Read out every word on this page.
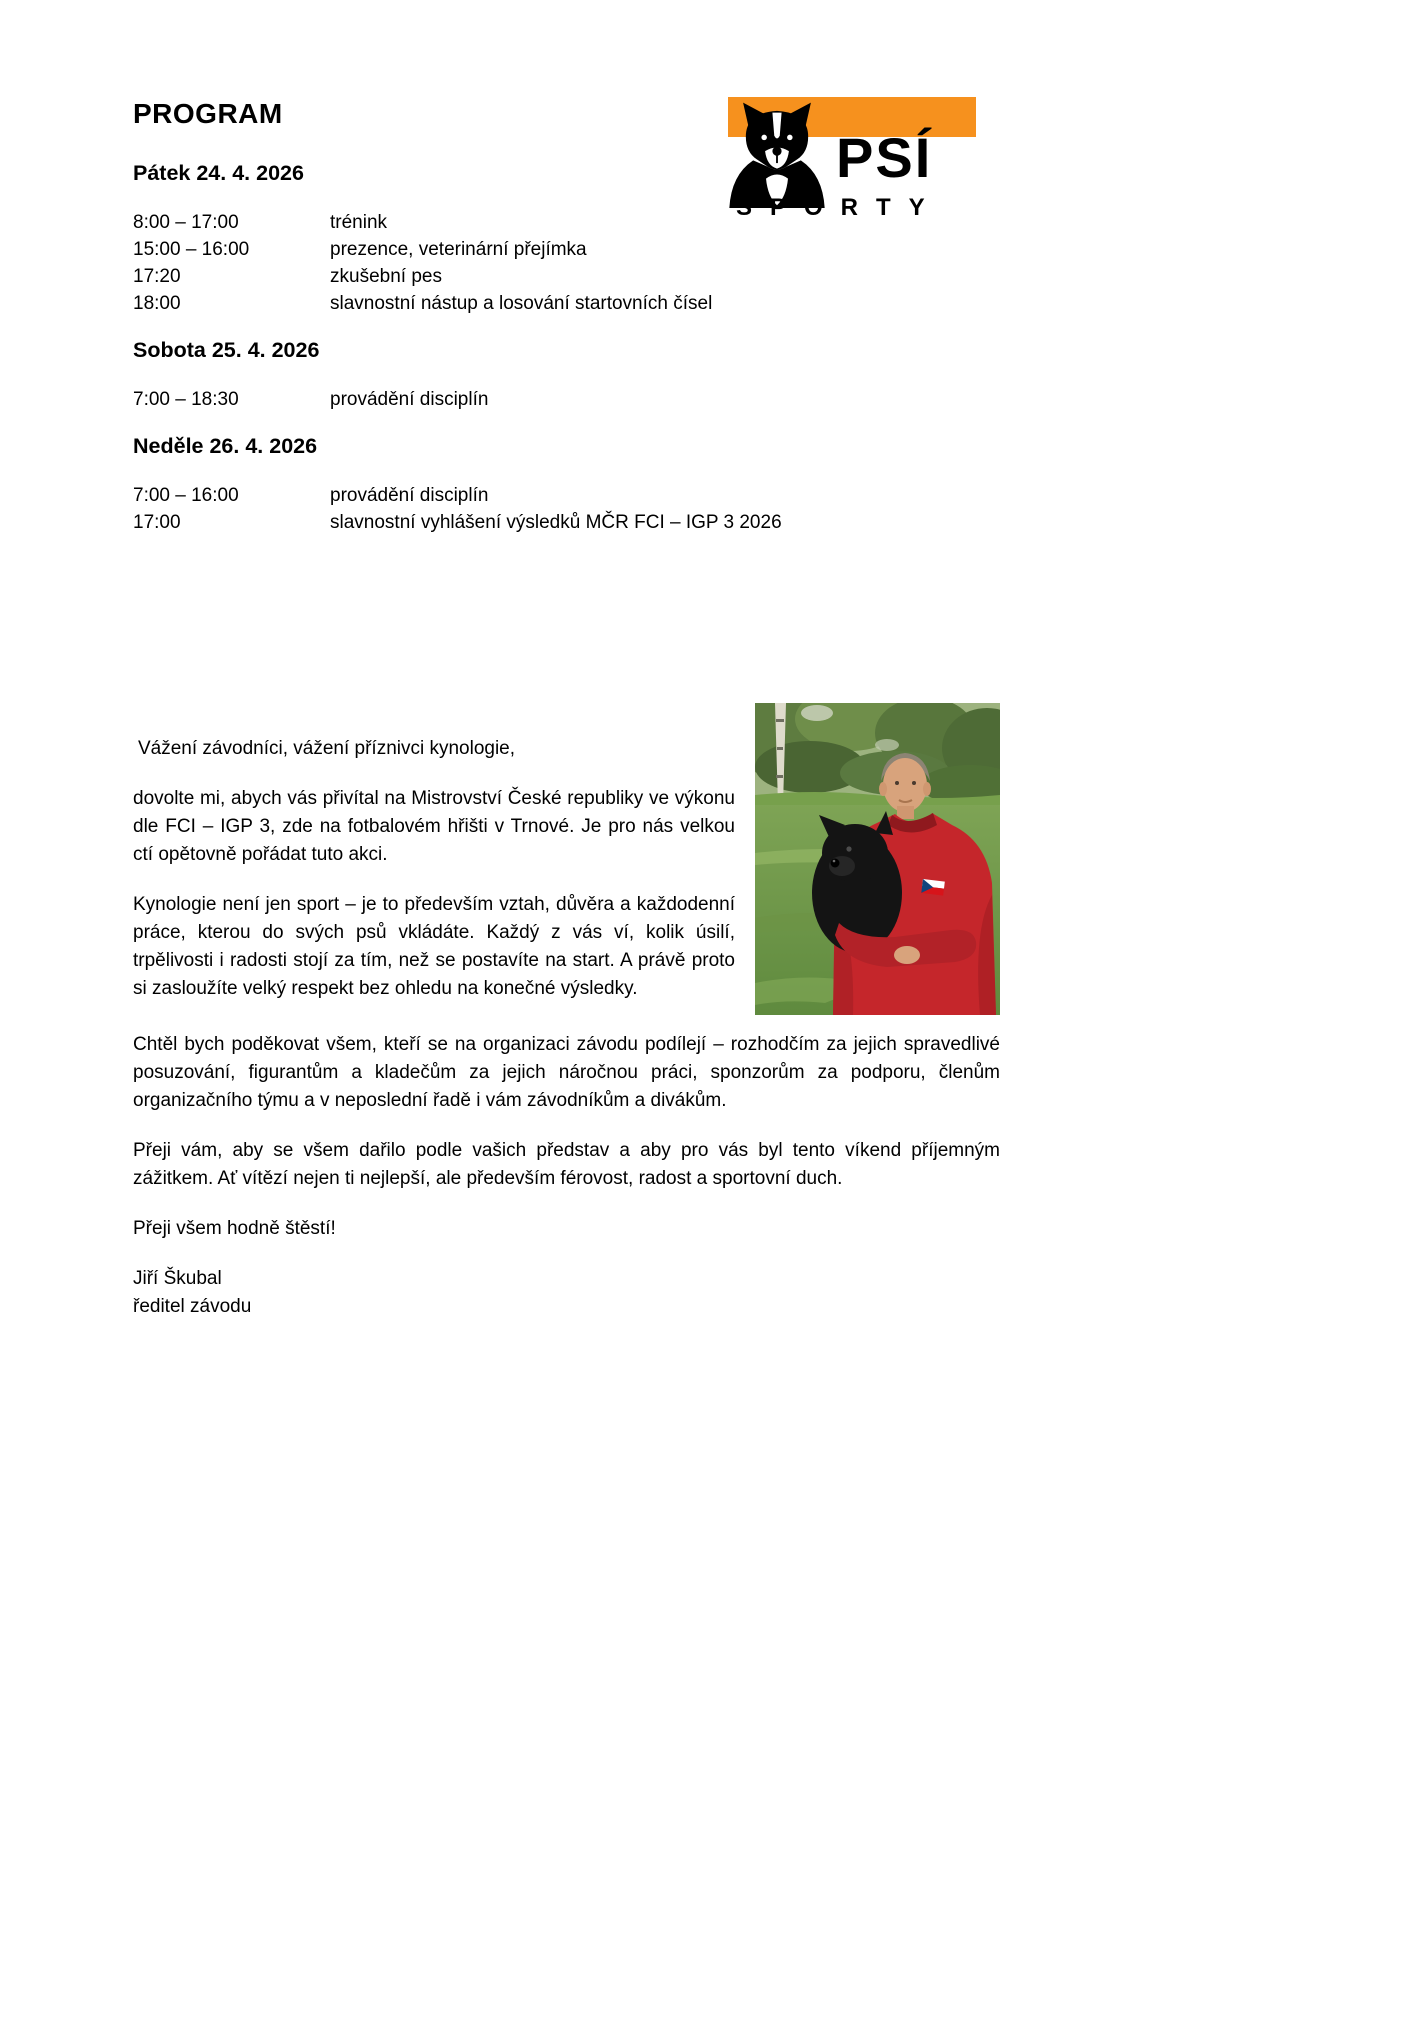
PSÍ
SPORTY
PROGRAM
Pátek 24. 4. 2026
8:00 – 17:00	trénink
15:00 – 16:00	prezence, veterinární přejímka
17:20	zkušební pes
18:00	slavnostní nástup a losování startovních čísel
Sobota 25. 4. 2026
7:00 – 18:30	provádění disciplín
Neděle 26. 4. 2026
7:00 – 16:00	provádění disciplín
17:00	slavnostní vyhlášení výsledků MČR FCI – IGP 3 2026

Vážení závodníci, vážení příznivci kynologie,

dovolte mi, abych vás přivítal na Mistrovství České republiky ve výkonu dle FCI – IGP 3, zde na fotbalovém hřišti v Trnové. Je pro nás velkou ctí opětovně pořádat tuto akci.

Kynologie není jen sport – je to především vztah, důvěra a každodenní práce, kterou do svých psů vkládáte. Každý z vás ví, kolik úsilí, trpělivosti i radosti stojí za tím, než se postavíte na start. A právě proto si zasloužíte velký respekt bez ohledu na konečné výsledky.

Chtěl bych poděkovat všem, kteří se na organizaci závodu podílejí – rozhodčím za jejich spravedlivé posuzování, figurantům a kladečům za jejich náročnou práci, sponzorům za podporu, členům organizačního týmu a v neposlední řadě i vám závodníkům a divákům.

Přeji vám, aby se všem dařilo podle vašich představ a aby pro vás byl tento víkend příjemným zážitkem. Ať vítězí nejen ti nejlepší, ale především férovost, radost a sportovní duch.

Přeji všem hodně štěstí!

Jiří Škubal
ředitel závodu
